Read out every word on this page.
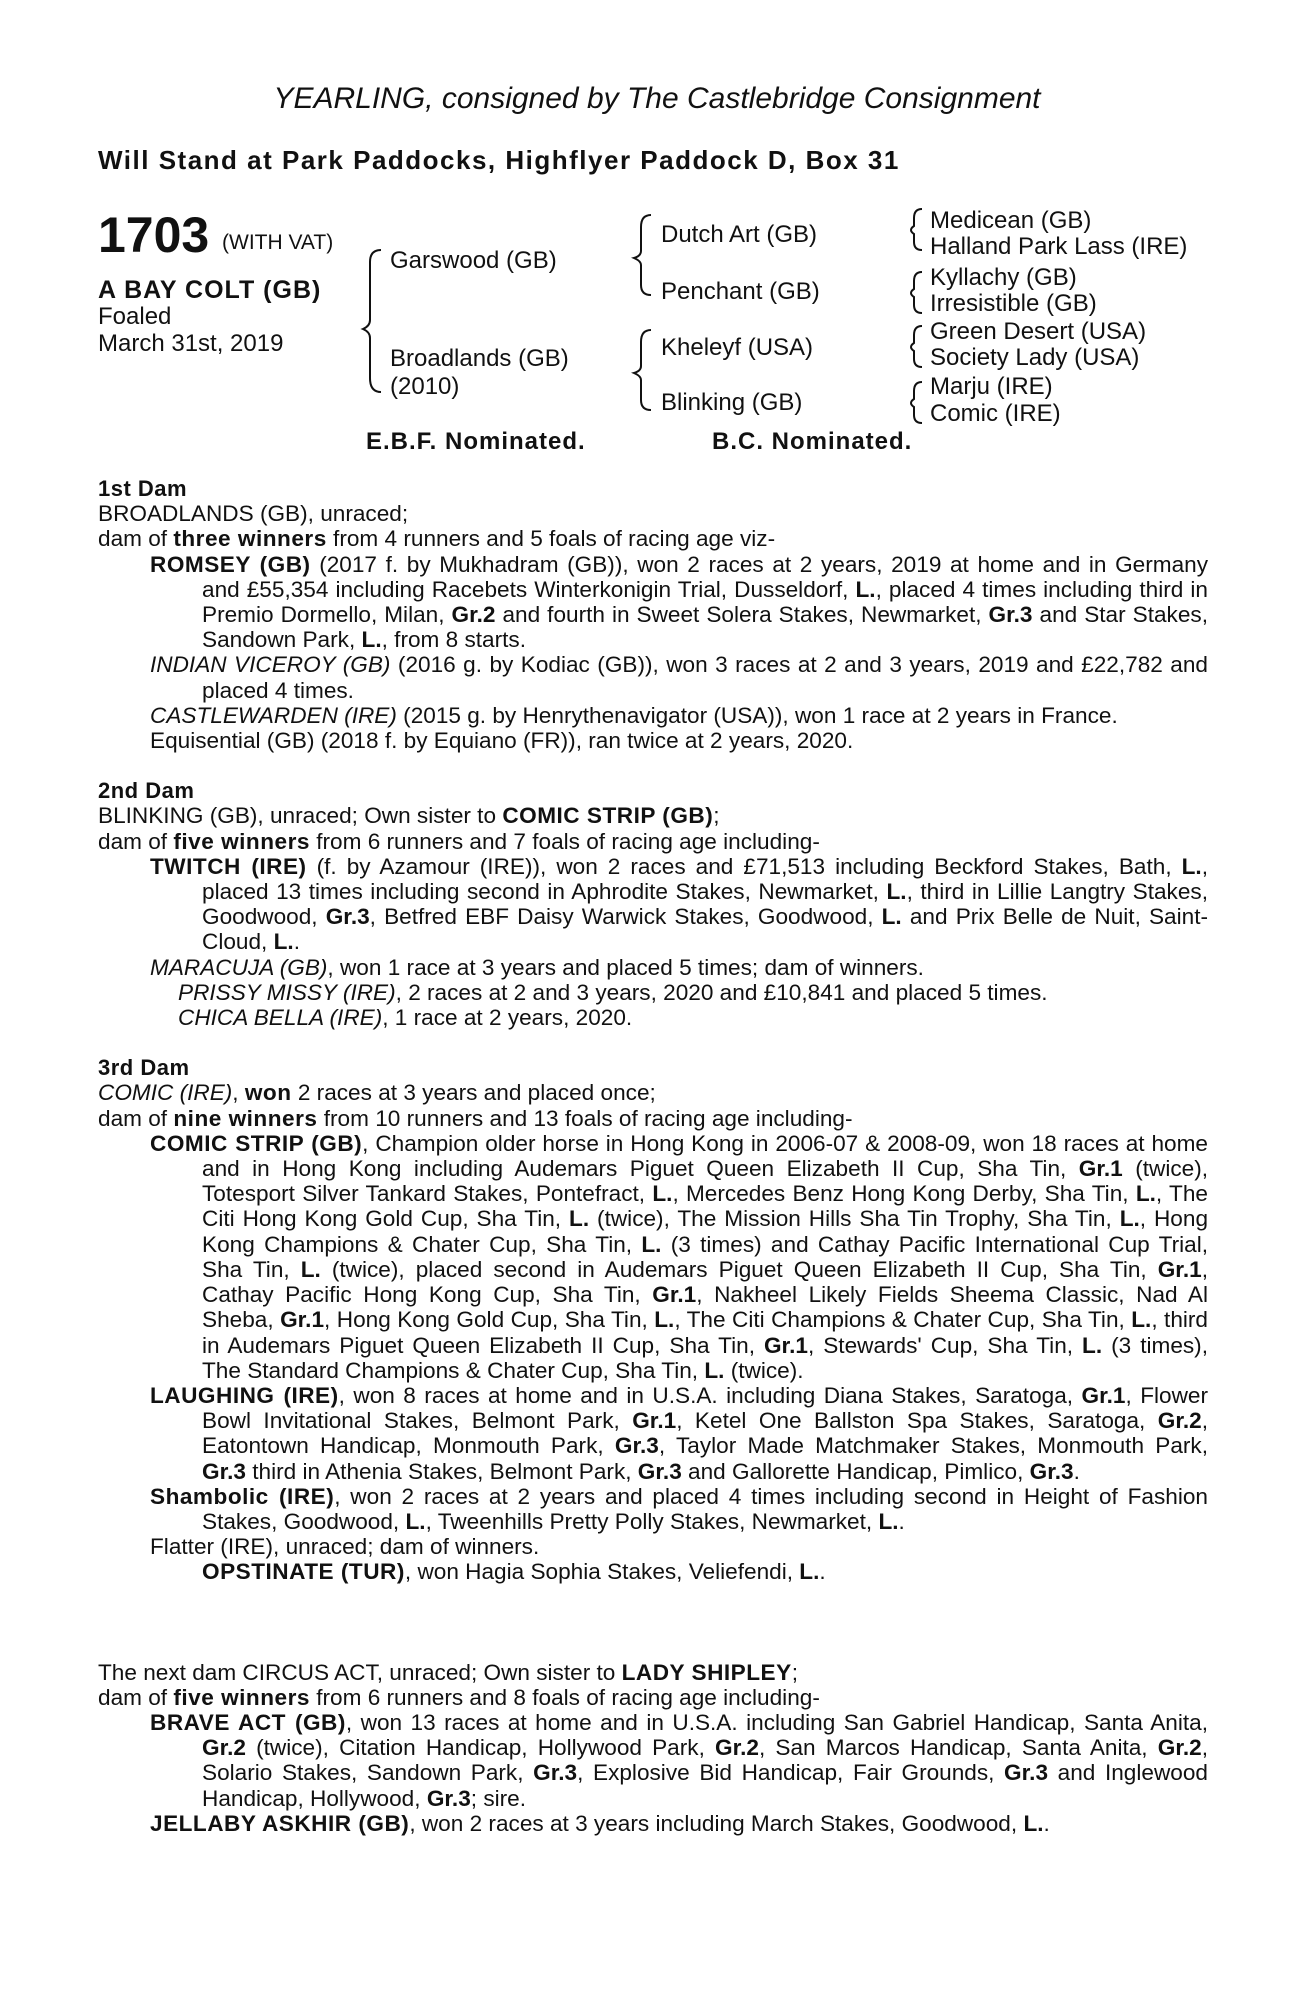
YEARLING, consigned by The Castlebridge Consignment
Will Stand at Park Paddocks, Highflyer Paddock D, Box 31
1703 (WITH VAT)
A BAY COLT (GB)
Foaled
March 31st, 2019
Garswood (GB)
Broadlands (GB)
(2010)
Dutch Art (GB)
Penchant (GB)
Kheleyf (USA)
Blinking (GB)
Medicean (GB)
Halland Park Lass (IRE)
Kyllachy (GB)
Irresistible (GB)
Green Desert (USA)
Society Lady (USA)
Marju (IRE)
Comic (IRE)
E.B.F. Nominated.	B.C. Nominated.
1st Dam

BROADLANDS (GB), unraced;

dam of three winners from 4 runners and 5 foals of racing age viz-

ROMSEY (GB) (2017 f. by Mukhadram (GB)), won 2 races at 2 years, 2019 at home and in Germany and £55,354 including Racebets Winterkonigin Trial, Dusseldorf, L., placed 4 times including third in Premio Dormello, Milan, Gr.2 and fourth in Sweet Solera Stakes, Newmarket, Gr.3 and Star Stakes, Sandown Park, L., from 8 starts.

INDIAN VICEROY (GB) (2016 g. by Kodiac (GB)), won 3 races at 2 and 3 years, 2019 and £22,782 and placed 4 times.

CASTLEWARDEN (IRE) (2015 g. by Henrythenavigator (USA)), won 1 race at 2 years in France.

Equisential (GB) (2018 f. by Equiano (FR)), ran twice at 2 years, 2020.

2nd Dam

BLINKING (GB), unraced; Own sister to COMIC STRIP (GB);

dam of five winners from 6 runners and 7 foals of racing age including-

TWITCH (IRE) (f. by Azamour (IRE)), won 2 races and £71,513 including Beckford Stakes, Bath, L., placed 13 times including second in Aphrodite Stakes, Newmarket, L., third in Lillie Langtry Stakes, Goodwood, Gr.3, Betfred EBF Daisy Warwick Stakes, Goodwood, L. and Prix Belle de Nuit, Saint-Cloud, L..

MARACUJA (GB), won 1 race at 3 years and placed 5 times; dam of winners.

PRISSY MISSY (IRE), 2 races at 2 and 3 years, 2020 and £10,841 and placed 5 times.

CHICA BELLA (IRE), 1 race at 2 years, 2020.

3rd Dam

COMIC (IRE), won 2 races at 3 years and placed once;

dam of nine winners from 10 runners and 13 foals of racing age including-

COMIC STRIP (GB), Champion older horse in Hong Kong in 2006-07 & 2008-09, won 18 races at home and in Hong Kong including Audemars Piguet Queen Elizabeth II Cup, Sha Tin, Gr.1 (twice), Totesport Silver Tankard Stakes, Pontefract, L., Mercedes Benz Hong Kong Derby, Sha Tin, L., The Citi Hong Kong Gold Cup, Sha Tin, L. (twice), The Mission Hills Sha Tin Trophy, Sha Tin, L., Hong Kong Champions & Chater Cup, Sha Tin, L. (3 times) and Cathay Pacific International Cup Trial, Sha Tin, L. (twice), placed second in Audemars Piguet Queen Elizabeth II Cup, Sha Tin, Gr.1, Cathay Pacific Hong Kong Cup, Sha Tin, Gr.1, Nakheel Likely Fields Sheema Classic, Nad Al Sheba, Gr.1, Hong Kong Gold Cup, Sha Tin, L., The Citi Champions & Chater Cup, Sha Tin, L., third in Audemars Piguet Queen Elizabeth II Cup, Sha Tin, Gr.1, Stewards' Cup, Sha Tin, L. (3 times), The Standard Champions & Chater Cup, Sha Tin, L. (twice).

LAUGHING (IRE), won 8 races at home and in U.S.A. including Diana Stakes, Saratoga, Gr.1, Flower Bowl Invitational Stakes, Belmont Park, Gr.1, Ketel One Ballston Spa Stakes, Saratoga, Gr.2, Eatontown Handicap, Monmouth Park, Gr.3, Taylor Made Matchmaker Stakes, Monmouth Park, Gr.3 third in Athenia Stakes, Belmont Park, Gr.3 and Gallorette Handicap, Pimlico, Gr.3.

Shambolic (IRE), won 2 races at 2 years and placed 4 times including second in Height of Fashion Stakes, Goodwood, L., Tweenhills Pretty Polly Stakes, Newmarket, L..

Flatter (IRE), unraced; dam of winners.

OPSTINATE (TUR), won Hagia Sophia Stakes, Veliefendi, L..

The next dam CIRCUS ACT, unraced; Own sister to LADY SHIPLEY;

dam of five winners from 6 runners and 8 foals of racing age including-

BRAVE ACT (GB), won 13 races at home and in U.S.A. including San Gabriel Handicap, Santa Anita, Gr.2 (twice), Citation Handicap, Hollywood Park, Gr.2, San Marcos Handicap, Santa Anita, Gr.2, Solario Stakes, Sandown Park, Gr.3, Explosive Bid Handicap, Fair Grounds, Gr.3 and Inglewood Handicap, Hollywood, Gr.3; sire.

JELLABY ASKHIR (GB), won 2 races at 3 years including March Stakes, Goodwood, L..
